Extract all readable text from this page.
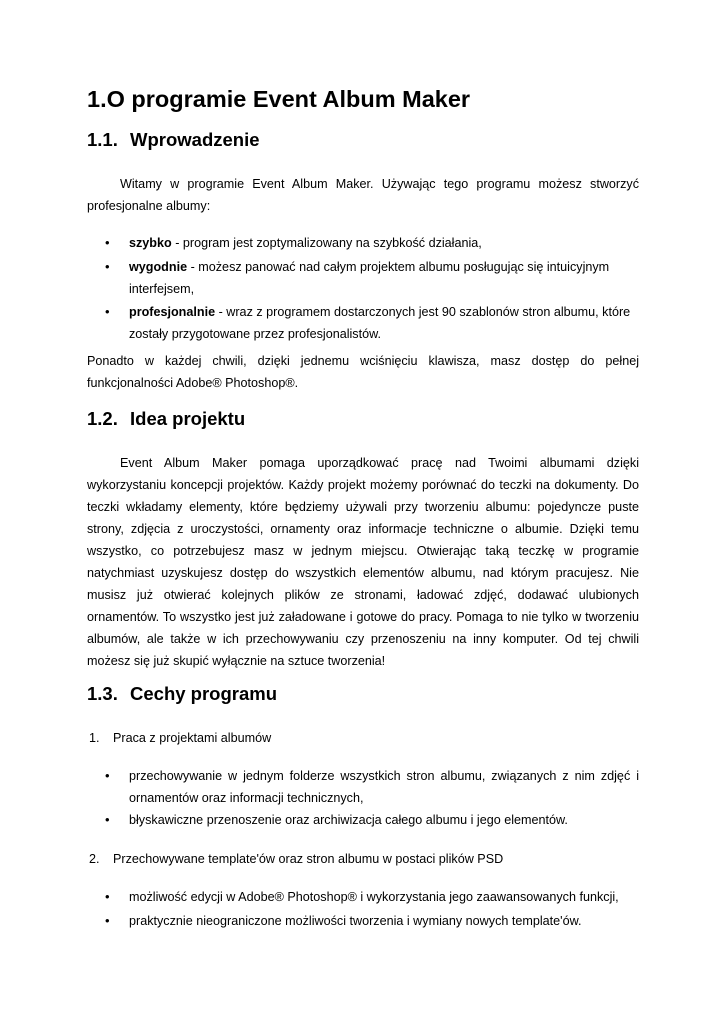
1.O programie Event Album Maker
1.1. Wprowadzenie

Witamy w programie Event Album Maker. Używając tego programu możesz stworzyć profesjonalne albumy:

• szybko - program jest zoptymalizowany na szybkość działania,
• wygodnie - możesz panować nad całym projektem albumu posługując się intuicyjnym interfejsem,
• profesjonalnie - wraz z programem dostarczonych jest 90 szablonów stron albumu, które zostały przygotowane przez profesjonalistów.

Ponadto w każdej chwili, dzięki jednemu wciśnięciu klawisza, masz dostęp do pełnej funkcjonalności Adobe® Photoshop®.

1.2. Idea projektu

Event Album Maker pomaga uporządkować pracę nad Twoimi albumami dzięki wykorzystaniu koncepcji projektów. Każdy projekt możemy porównać do teczki na dokumenty. Do teczki wkładamy elementy, które będziemy używali przy tworzeniu albumu: pojedyncze puste strony, zdjęcia z uroczystości, ornamenty oraz informacje techniczne o albumie. Dzięki temu wszystko, co potrzebujesz masz w jednym miejscu. Otwierając taką teczkę w programie natychmiast uzyskujesz dostęp do wszystkich elementów albumu, nad którym pracujesz. Nie musisz już otwierać kolejnych plików ze stronami, ładować zdjęć, dodawać ulubionych ornamentów. To wszystko jest już załadowane i gotowe do pracy. Pomaga to nie tylko w tworzeniu albumów, ale także w ich przechowywaniu czy przenoszeniu na inny komputer. Od tej chwili możesz się już skupić wyłącznie na sztuce tworzenia!

1.3. Cechy programu
1. Praca z projektami albumów
• przechowywanie w jednym folderze wszystkich stron albumu, związanych z nim zdjęć i ornamentów oraz informacji technicznych,
• błyskawiczne przenoszenie oraz archiwizacja całego albumu i jego elementów.
2. Przechowywane template'ów oraz stron albumu w postaci plików PSD
• możliwość edycji w Adobe® Photoshop® i wykorzystania jego zaawansowanych funkcji,
• praktycznie nieograniczone możliwości tworzenia i wymiany nowych template'ów.
